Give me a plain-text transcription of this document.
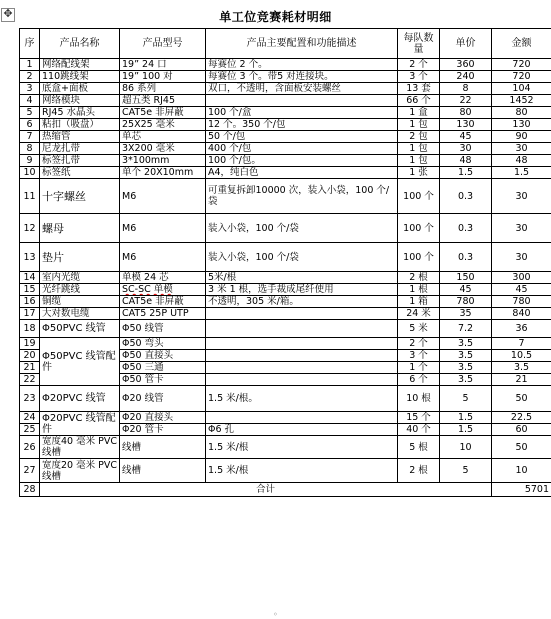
✥	单工位竞赛耗材明细
序	产品名称	产品型号	产品主要配置和功能描述	每队数量	单价	金额
1	网络配线架	19” 24 口	每赛位 2 个。	2 个	360	720
2	110跳线架	19” 100 对	每赛位 3 个。带5 对连接块。	3 个	240	720
3	底盒+面板	86 系列	双口，不透明，含面板安装螺丝	13 套	8	104
4	网络模块	超五类 RJ45		66 个	22	1452
5	RJ45 水晶头	CAT5e 非屏蔽	100 个/盒	1 盒	80	80
6	粘扣（吸盘）	25X25 毫米	12 个。350 个/包	1 包	130	130
7	热缩管	单芯	50 个/包	2 包	45	90
8	尼龙扎带	3X200 毫米	400 个/包	1 包	30	30
9	标签扎带	3*100mm	100 个/包。	1 包	48	48
10	标签纸	单个 20X10mm	A4，纯白色	1 张	1.5	1.5
11	十字螺丝	M6	可重复拆卸10000 次，装入小袋，100 个/袋	100 个	0.3	30
12	螺母	M6	装入小袋，100 个/袋	100 个	0.3	30
13	垫片	M6	装入小袋，100 个/袋	100 个	0.3	30
14	室内光缆	单模 24 芯	5米/根	2 根	150	300
15	光纤跳线	SC-SC 单模	3 米 1 根，选手裁成尾纤使用	1 根	45	45
16	铜缆	CAT5e 非屏蔽	不透明，305 米/箱。	1 箱	780	780
17	大对数电缆	CAT5 25P UTP		24 米	35	840
18	Φ50PVC 线管	Φ50 线管		5 米	7.2	36
19	Φ50PVC 线管配件	Φ50 弯头		2 个	3.5	7
20		Φ50 直接头		3 个	3.5	10.5
21		Φ50 三通		1 个	3.5	3.5
22		Φ50 管卡		6 个	3.5	21
23	Φ20PVC 线管	Φ20 线管	1.5 米/根。	10 根	5	50
24	Φ20PVC 线管配件	Φ20 直接头		15 个	1.5	22.5
25		Φ20 管卡	Φ6 孔	40 个	1.5	60
26	宽度40 毫米 PVC线槽	线槽	1.5 米/根	5 根	10	50
27	宽度20 毫米 PVC线槽	线槽	1.5 米/根	2 根	5	10
28	合计					5701
◦
